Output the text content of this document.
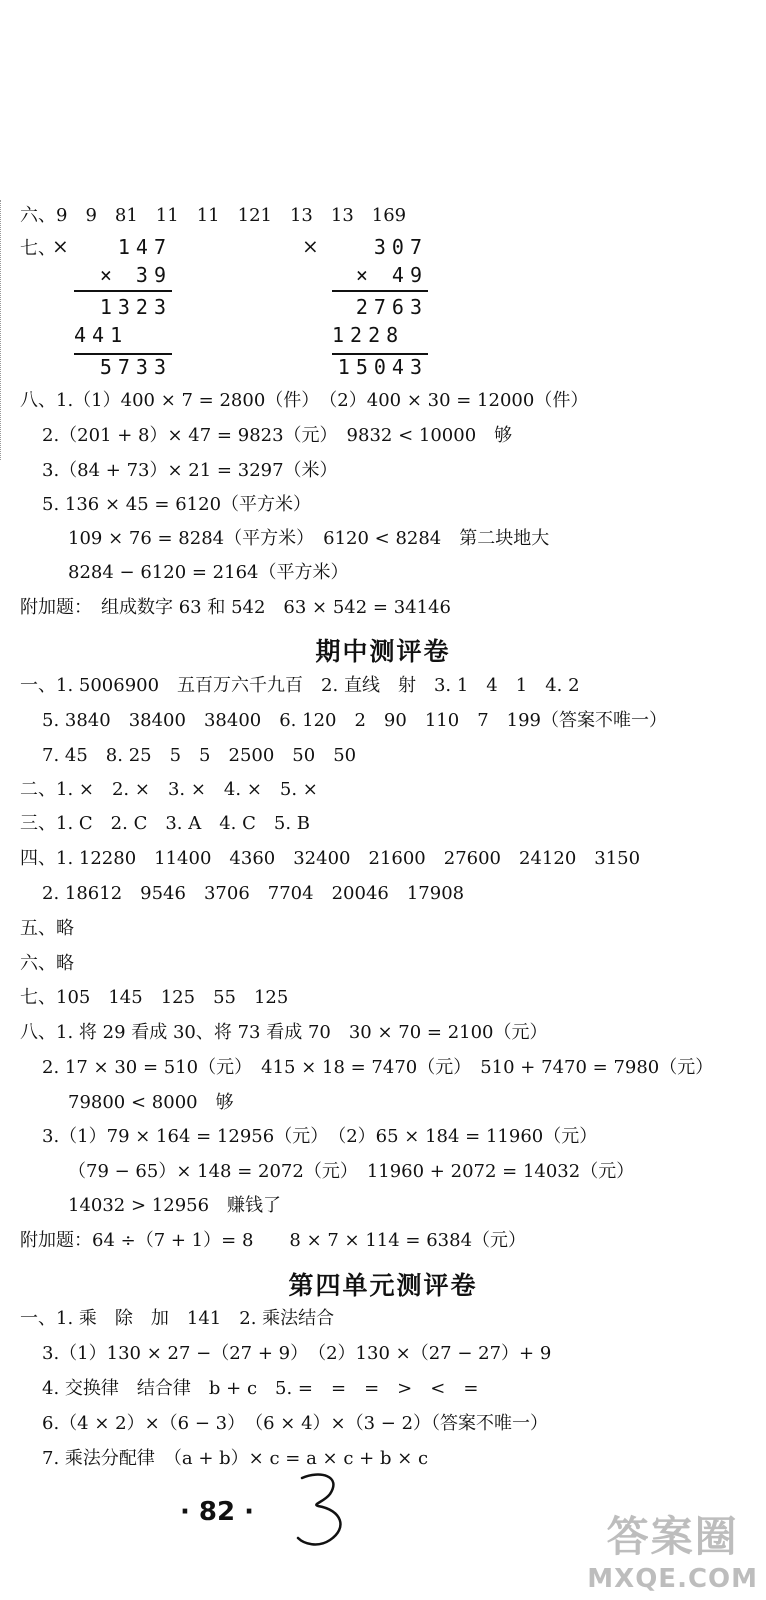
六、9　9　81　11　11　121　13　13　169
七、
×	×
147
× 39
1323
441
5733
307
× 49
2763
1228
15043
八、1.（1）400 × 7 = 2800（件）　（2）400 × 30 = 12000（件）
2.（201 + 8）× 47 = 9823（元）　9832 < 10000　够
3.（84 + 73）× 21 = 3297（米）
5. 136 × 45 = 6120（平方米）
109 × 76 = 8284（平方米）　6120 < 8284　第二块地大
8284 − 6120 = 2164（平方米）
附加题：　组成数字 63 和 542　63 × 542 = 34146
期中测评卷
一、1. 5006900　五百万六千九百　2. 直线　射　3. 1　4　1　4. 2
5. 3840　38400　38400　6. 120　2　90　110　7　199（答案不唯一）
7. 45　8. 25　5　5　2500　50　50
二、1. ×　2. ×　3. ×　4. ×　5. ×
三、1. C　2. C　3. A　4. C　5. B
四、1. 12280　11400　4360　32400　21600　27600　24120　3150
2. 18612　9546　3706　7704　20046　17908
五、略
六、略
七、105　145　125　55　125
八、1. 将 29 看成 30、将 73 看成 70　30 × 70 = 2100（元）
2. 17 × 30 = 510（元）　415 × 18 = 7470（元）　510 + 7470 = 7980（元）
79800 < 8000　够
3.（1）79 × 164 = 12956（元）　（2）65 × 184 = 11960（元）
（79 − 65）× 148 = 2072（元）　11960 + 2072 = 14032（元）
14032 > 12956　赚钱了
附加题：64 ÷（7 + 1）= 8　　8 × 7 × 114 = 6384（元）
第四单元测评卷
一、1. 乘　除　加　141　2. 乘法结合
3.（1）130 × 27 −（27 + 9）　（2）130 ×（27 − 27）+ 9
4. 交换律　结合律　b + c　5. =　=　=　>　<　=
6.（4 × 2）×（6 − 3）　（6 × 4）×（3 − 2）（答案不唯一）
7. 乘法分配律　（a + b）× c = a × c + b × c
· 82 ·	答案圈
MXQE.COM
